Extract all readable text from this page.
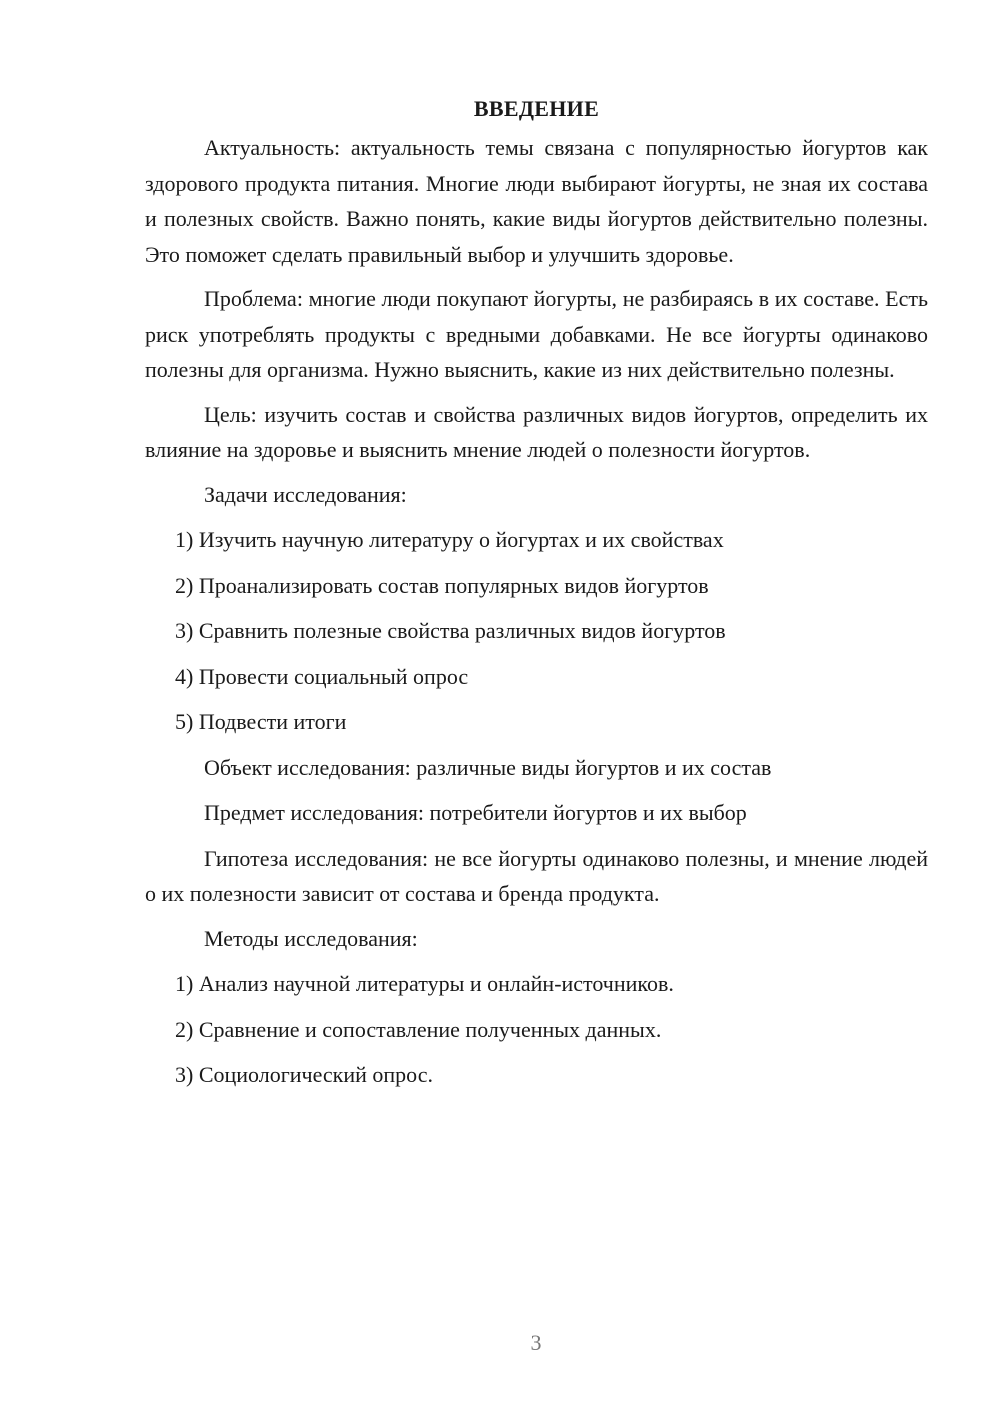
ВВЕДЕНИЕ

Актуальность: актуальность темы связана с популярностью йогуртов как здорового продукта питания. Многие люди выбирают йогурты, не зная их состава и полезных свойств. Важно понять, какие виды йогуртов действительно полезны. Это поможет сделать правильный выбор и улучшить здоровье.

Проблема: многие люди покупают йогурты, не разбираясь в их составе. Есть риск употреблять продукты с вредными добавками. Не все йогурты одинаково полезны для организма. Нужно выяснить, какие из них действительно полезны.

Цель: изучить состав и свойства различных видов йогуртов, определить их влияние на здоровье и выяснить мнение людей о полезности йогуртов.

Задачи исследования:

1) Изучить научную литературу о йогуртах и их свойствах
2) Проанализировать состав популярных видов йогуртов
3) Сравнить полезные свойства различных видов йогуртов
4) Провести социальный опрос
5) Подвести итоги

Объект исследования: различные виды йогуртов и их состав

Предмет исследования: потребители йогуртов и их выбор

Гипотеза исследования: не все йогурты одинаково полезны, и мнение людей о их полезности зависит от состава и бренда продукта.

Методы исследования:

1) Анализ научной литературы и онлайн-источников.
2) Сравнение и сопоставление полученных данных.
3) Социологический опрос.
3
